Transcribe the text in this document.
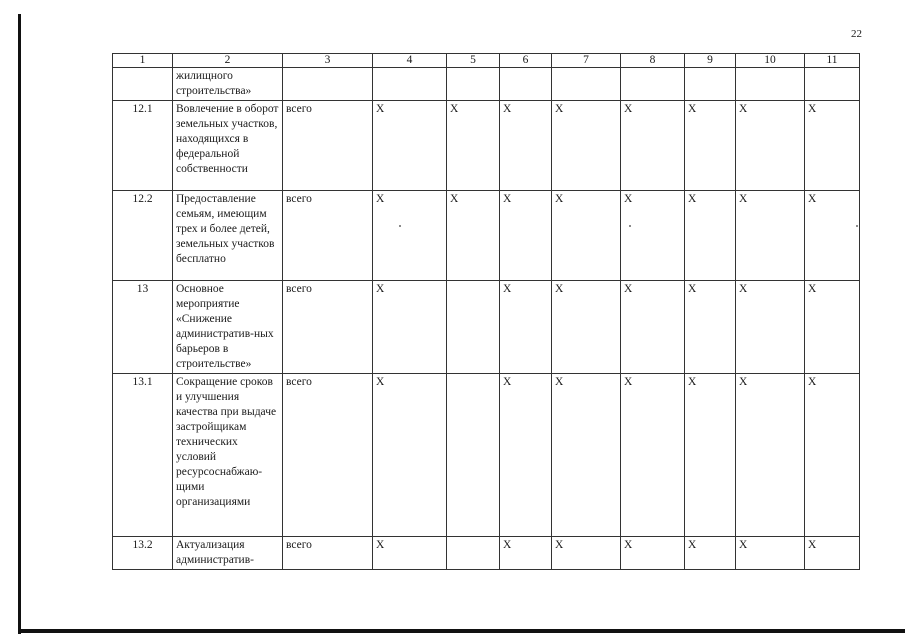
22
1	2	3	4	5	6	7	8	9	10	11
	жилищного строительства»									
12.1	Вовлечение в оборот земельных участков, находящихся в федеральной собственности	всего	X	X	X	X	X	X	X	X
12.2	Предоставление семьям, имеющим трех и более детей, земельных участков бесплатно	всего	X	X	X	X	X	X	X	X
13	Основное мероприятие «Снижение административ-ных барьеров в строительстве»	всего	X		X	X	X	X	X	X
13.1	Сокращение сроков и улучшения качества при выдаче застройщикам технических условий ресурсоснабжаю-щими организациями	всего	X		X	X	X	X	X	X
13.2	Актуализация административ-	всего	X		X	X	X	X	X	X
